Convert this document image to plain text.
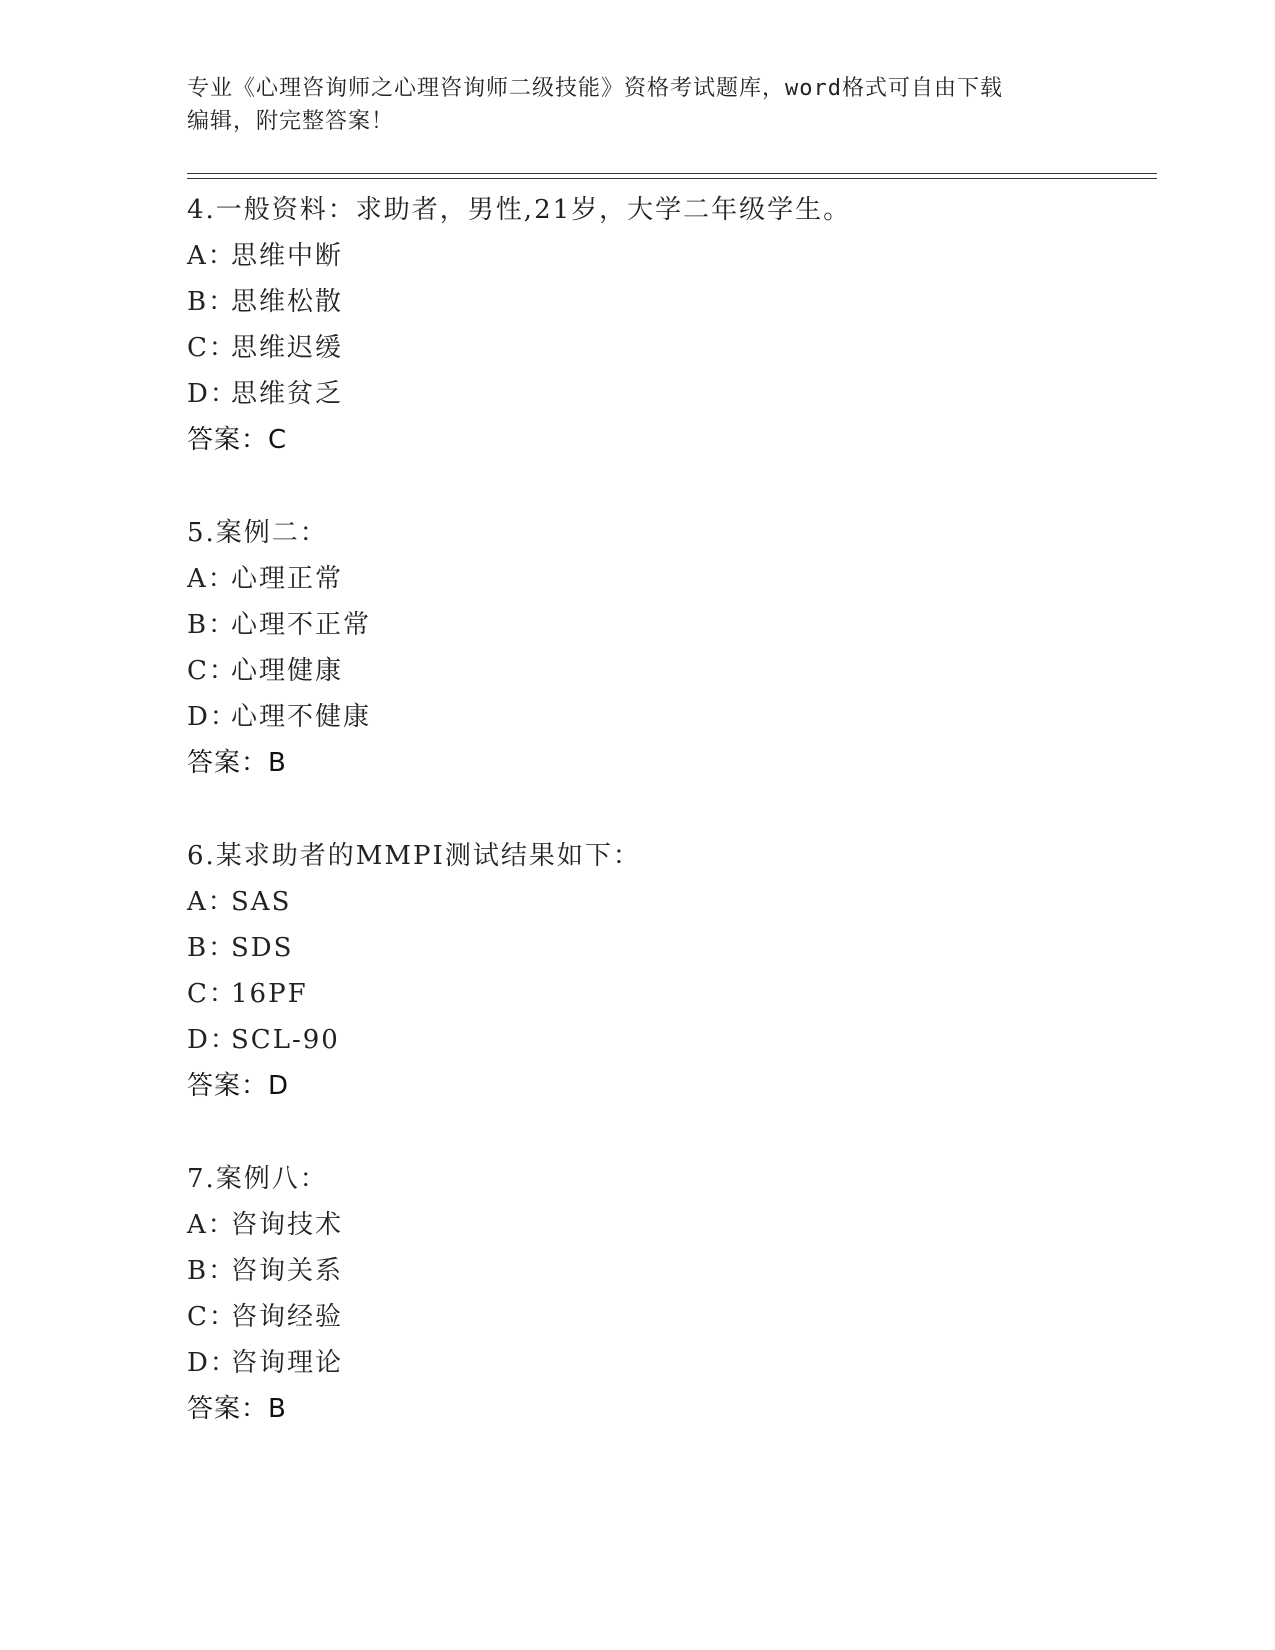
专业《心理咨询师之心理咨询师二级技能》资格考试题库，word格式可自由下载
编辑，附完整答案！
4.一般资料：求助者，男性,21岁，大学二年级学生。
A：思维中断
B：思维松散
C：思维迟缓
D：思维贫乏
答案：C
5.案例二：
A：心理正常
B：心理不正常
C：心理健康
D：心理不健康
答案：B
6.某求助者的MMPI测试结果如下：
A：SAS
B：SDS
C：16PF
D：SCL-90
答案：D
7.案例八：
A：咨询技术
B：咨询关系
C：咨询经验
D：咨询理论
答案：B
